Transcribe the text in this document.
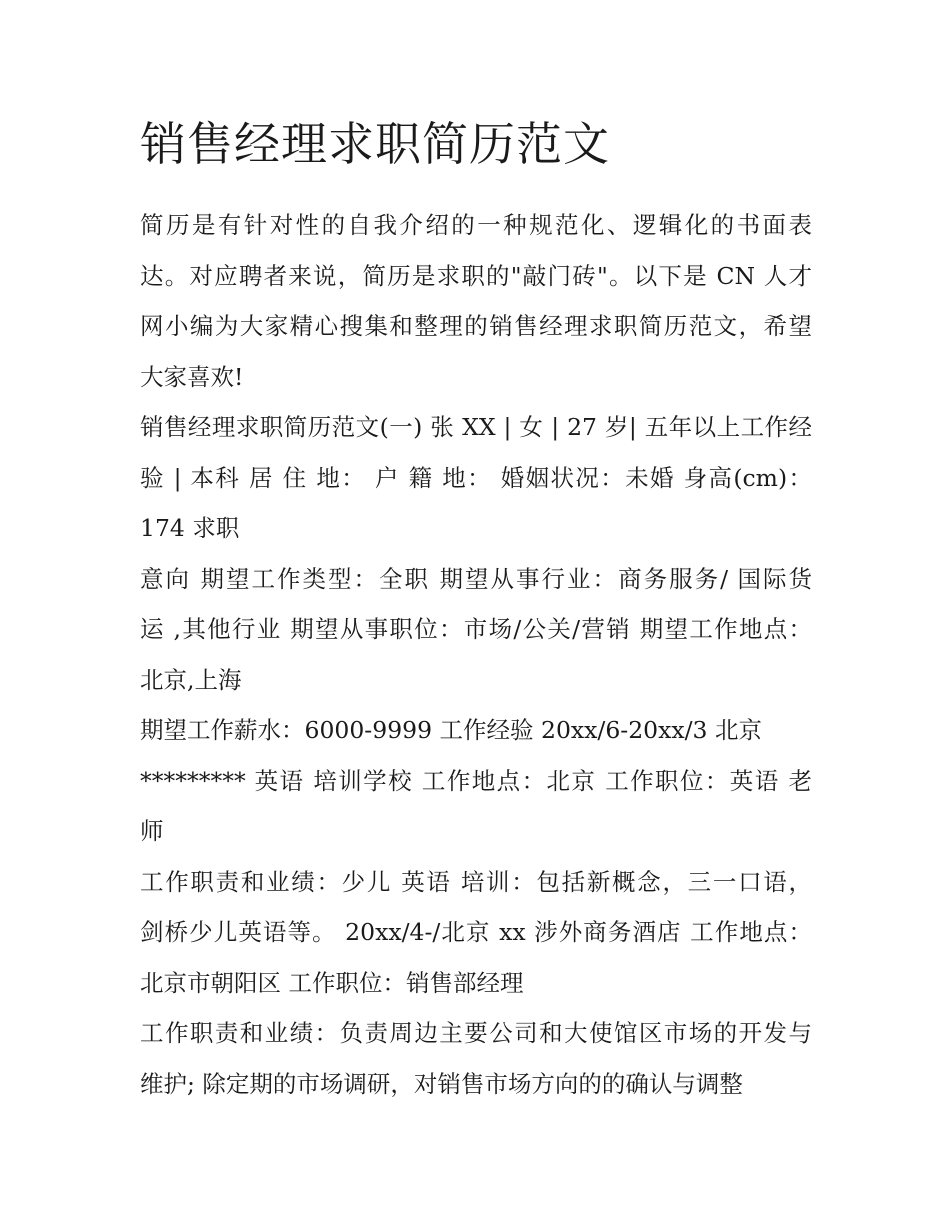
销售经理求职简历范文
简历是有针对性的自我介绍的一种规范化、逻辑化的书面表
达。对应聘者来说，简历是求职的"敲门砖"。以下是 CN 人才
网小编为大家精心搜集和整理的销售经理求职简历范文，希望
大家喜欢!
销售经理求职简历范文(一) 张 XX | 女 | 27 岁| 五年以上工作经
验 | 本科 居 住 地： 户 籍 地： 婚姻状况：未婚 身高(cm)：
174 求职
意向 期望工作类型：全职 期望从事行业：商务服务/ 国际货
运 ,其他行业 期望从事职位：市场/公关/营销 期望工作地点：
北京,上海
期望工作薪水：6000-9999 工作经验 20xx/6-20xx/3 北京
********* 英语 培训学校 工作地点：北京 工作职位：英语 老
师
工作职责和业绩：少儿 英语 培训：包括新概念，三一口语，
剑桥少儿英语等。 20xx/4-/北京 xx 涉外商务酒店 工作地点：
北京市朝阳区 工作职位：销售部经理
工作职责和业绩：负责周边主要公司和大使馆区市场的开发与
维护; 除定期的市场调研，对销售市场方向的的确认与调整
